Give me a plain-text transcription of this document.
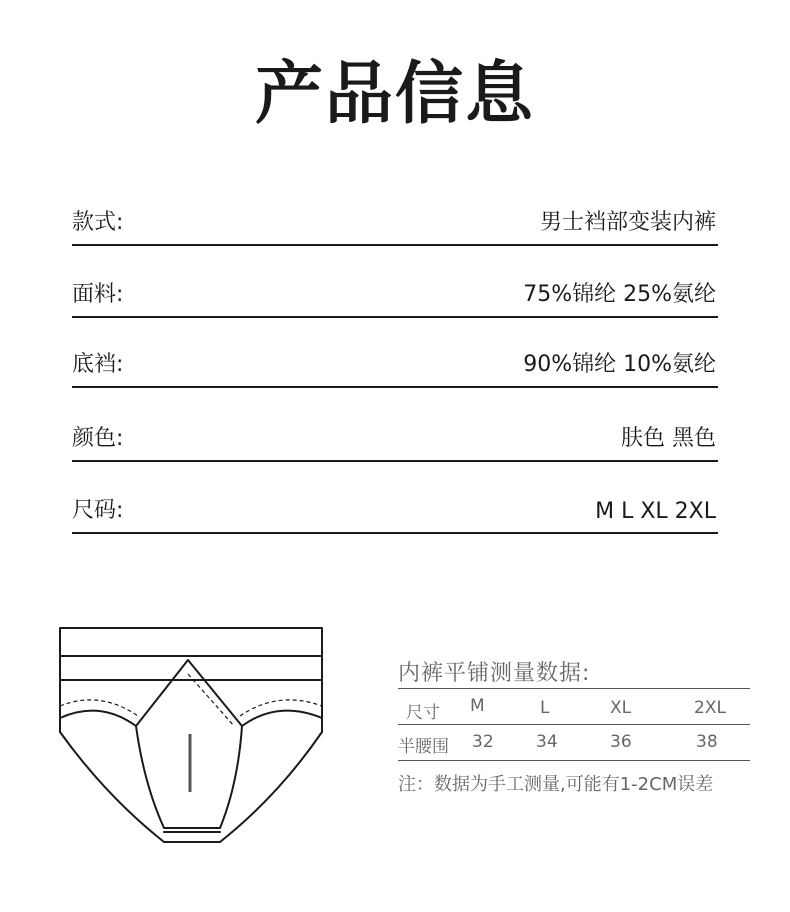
产品信息
款式:	男士裆部变装内裤
面料:	75%锦纶 25%氨纶
底裆:	90%锦纶 10%氨纶
颜色:	肤色 黑色
尺码:	M L XL 2XL
内裤平铺测量数据:
尺寸 M	L	XL	2XL
半腰围 32 34	36	38
注：数据为手工测量,可能有1-2CM误差
